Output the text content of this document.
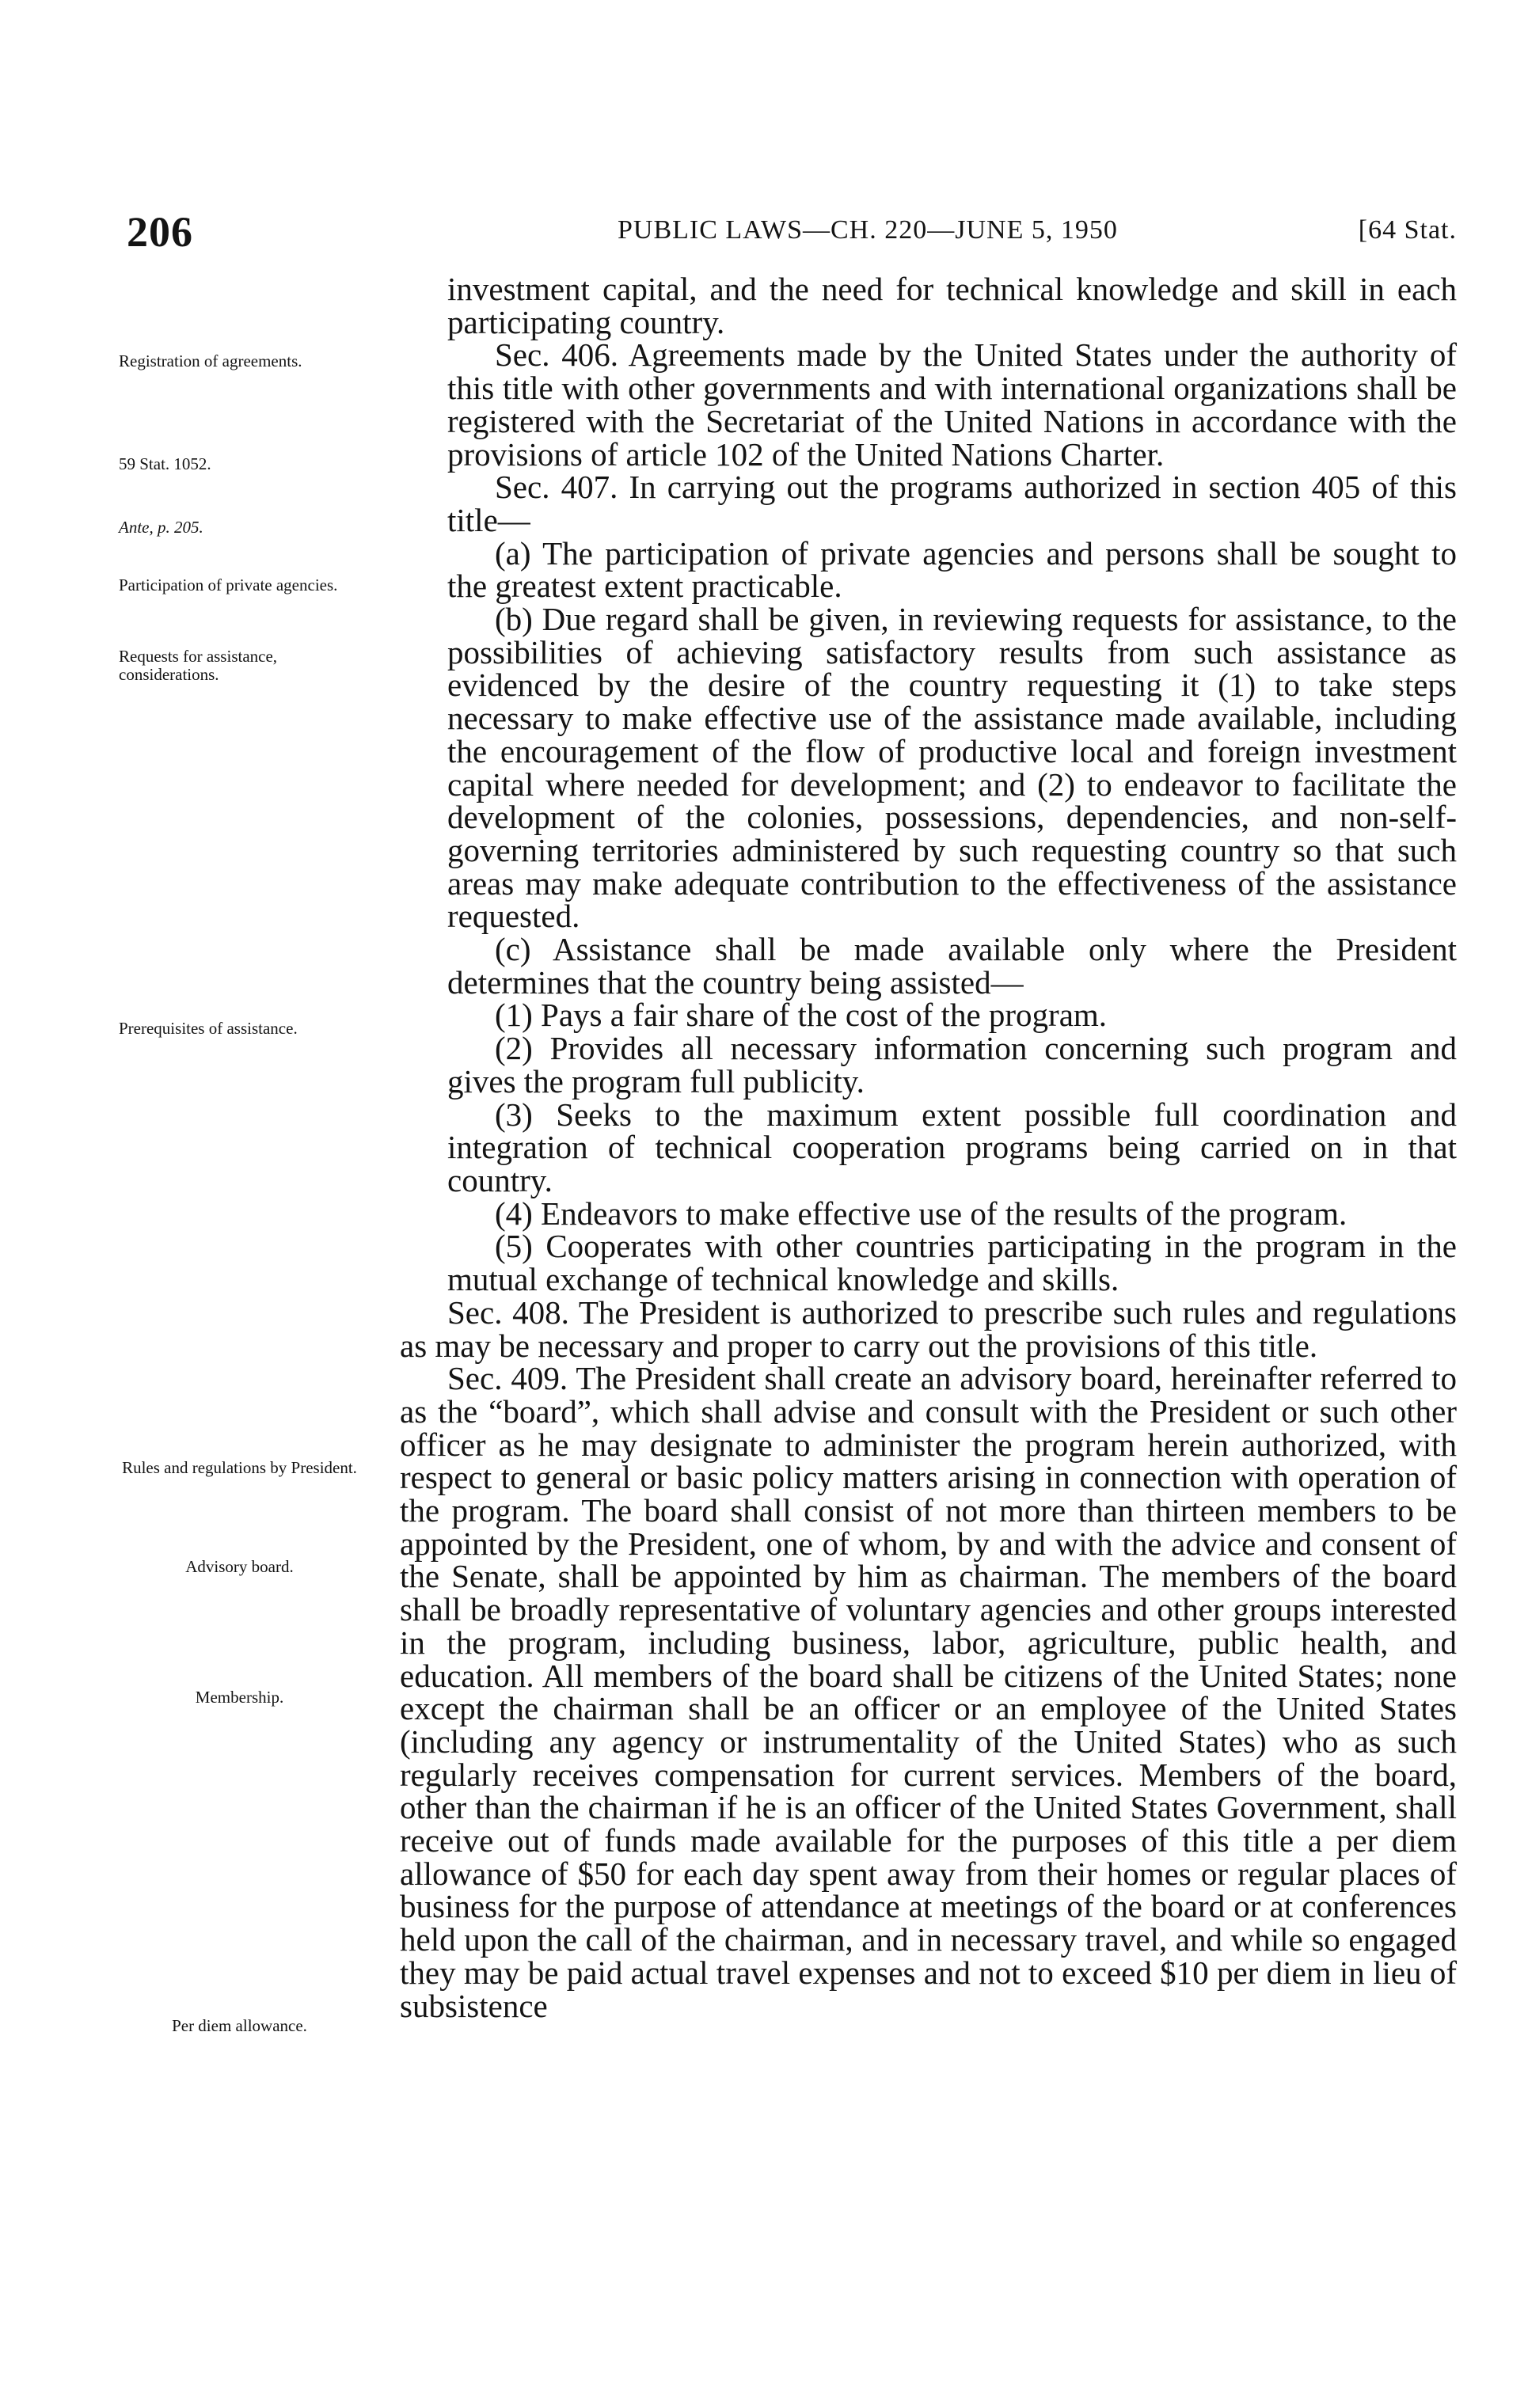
206	PUBLIC LAWS—CH. 220—JUNE 5, 1950	[64 Stat.
Registration of agreements.
59 Stat. 1052.
Ante, p. 205.
Participation of private agencies.
Requests for assistance, considerations.
Prerequisites of assistance.
Rules and regulations by President.
Advisory board.
Membership.
Per diem allowance.

investment capital, and the need for technical knowledge and skill in each participating country.

Sec. 406. Agreements made by the United States under the authority of this title with other governments and with international organizations shall be registered with the Secretariat of the United Nations in accordance with the provisions of article 102 of the United Nations Charter.

Sec. 407. In carrying out the programs authorized in section 405 of this title—

(a) The participation of private agencies and persons shall be sought to the greatest extent practicable.

(b) Due regard shall be given, in reviewing requests for assistance, to the possibilities of achieving satisfactory results from such assistance as evidenced by the desire of the country requesting it (1) to take steps necessary to make effective use of the assistance made available, including the encouragement of the flow of productive local and foreign investment capital where needed for development; and (2) to endeavor to facilitate the development of the colonies, possessions, dependencies, and non-self-governing territories administered by such requesting country so that such areas may make adequate contribution to the effectiveness of the assistance requested.

(c) Assistance shall be made available only where the President determines that the country being assisted—

(1) Pays a fair share of the cost of the program.

(2) Provides all necessary information concerning such program and gives the program full publicity.

(3) Seeks to the maximum extent possible full coordination and integration of technical cooperation programs being carried on in that country.

(4) Endeavors to make effective use of the results of the program.

(5) Cooperates with other countries participating in the program in the mutual exchange of technical knowledge and skills.

Sec. 408. The President is authorized to prescribe such rules and regulations as may be necessary and proper to carry out the provisions of this title.

Sec. 409. The President shall create an advisory board, hereinafter referred to as the “board”, which shall advise and consult with the President or such other officer as he may designate to administer the program herein authorized, with respect to general or basic policy matters arising in connection with operation of the program. The board shall consist of not more than thirteen members to be appointed by the President, one of whom, by and with the advice and consent of the Senate, shall be appointed by him as chairman. The members of the board shall be broadly representative of voluntary agencies and other groups interested in the program, including business, labor, agriculture, public health, and education. All members of the board shall be citizens of the United States; none except the chairman shall be an officer or an employee of the United States (including any agency or instrumentality of the United States) who as such regularly receives compensation for current services. Members of the board, other than the chairman if he is an officer of the United States Government, shall receive out of funds made available for the purposes of this title a per diem allowance of $50 for each day spent away from their homes or regular places of business for the purpose of attendance at meetings of the board or at conferences held upon the call of the chairman, and in necessary travel, and while so engaged they may be paid actual travel expenses and not to exceed $10 per diem in lieu of subsistence
